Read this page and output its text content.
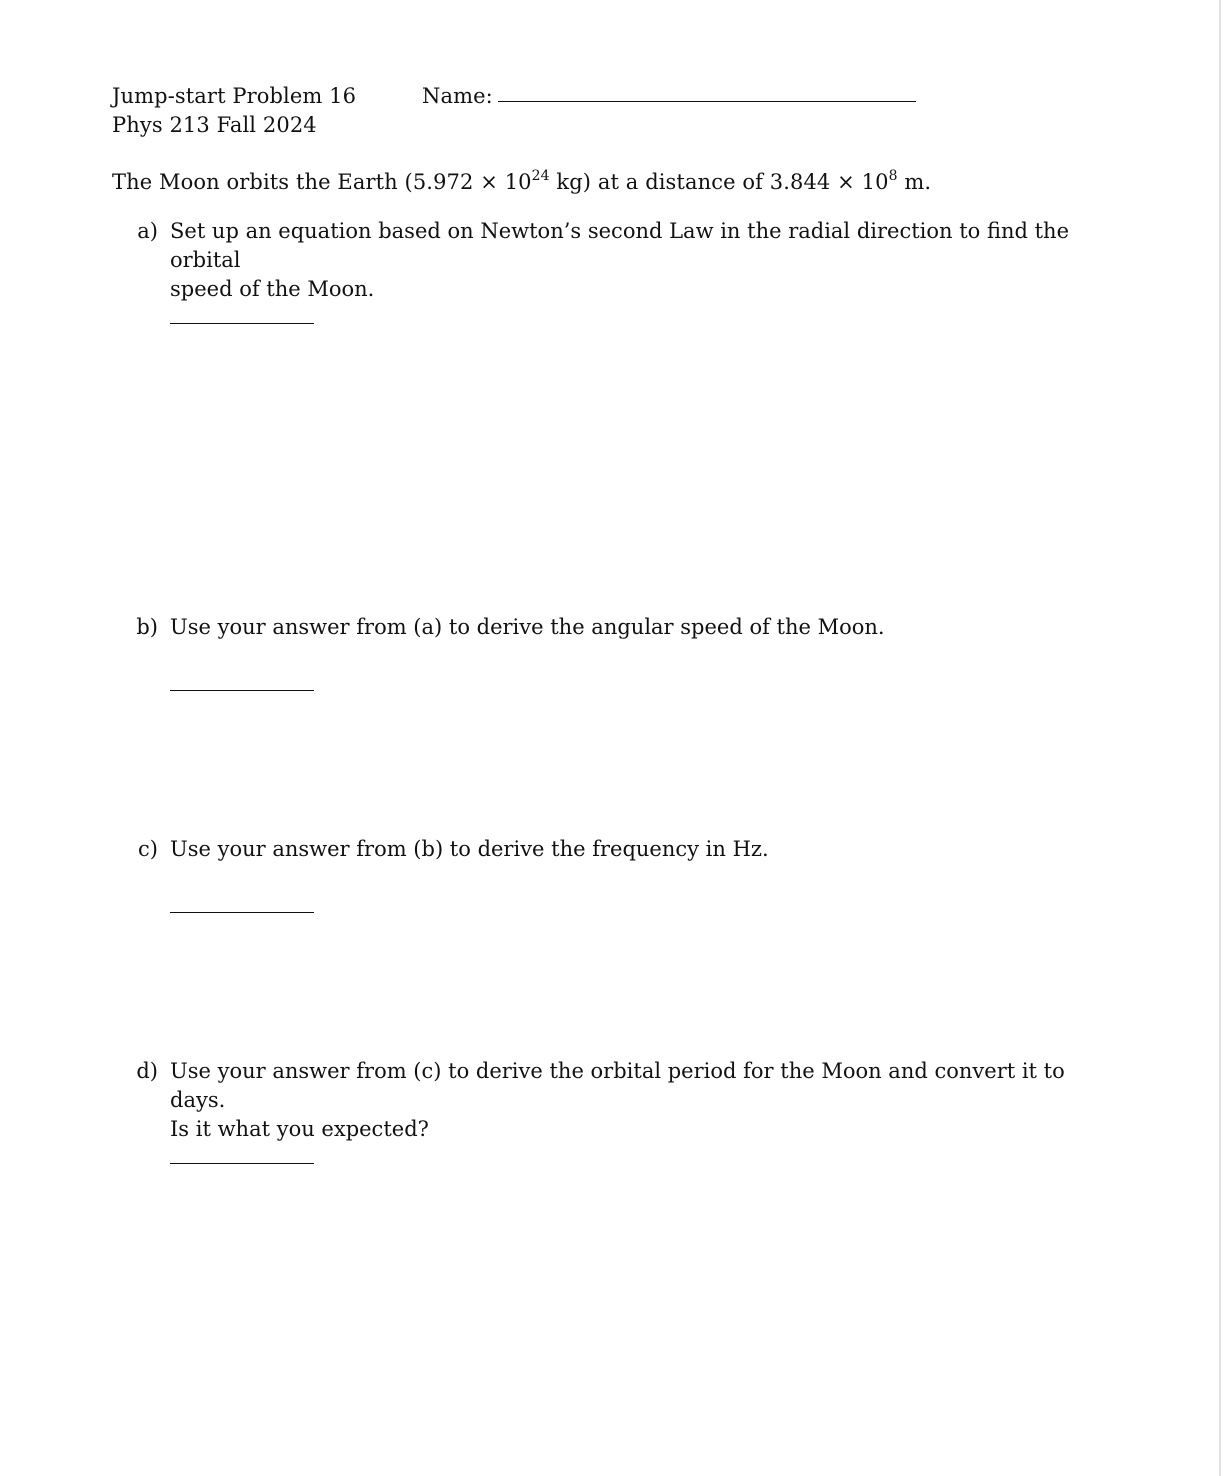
Jump-start Problem 16
Phys 213 Fall 2024
Name:
The Moon orbits the Earth ($5.972 \times 10^{24}$ kg) at a distance of $3.844 \times 10^8$ m.
a) Set up an equation based on Newton’s second Law in the radial direction to find the orbital
speed of the Moon.
b) Use your answer from (a) to derive the angular speed of the Moon.
c) Use your answer from (b) to derive the frequency in Hz.
d) Use your answer from (c) to derive the orbital period for the Moon and convert it to days.
Is it what you expected?
